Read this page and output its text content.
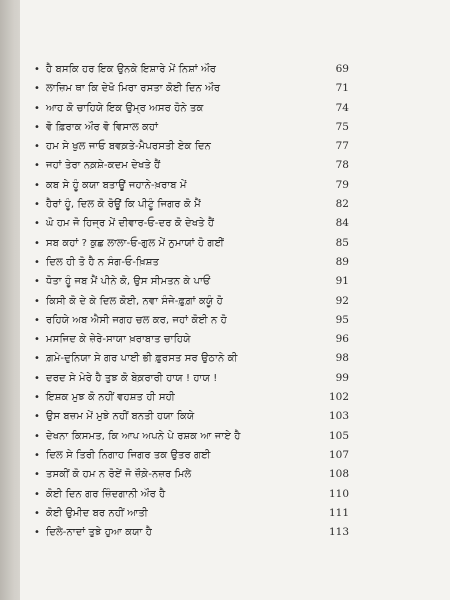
• ਹੈ ਬਸਕਿ ਹਰ ਇਕ ਉਨਕੇ ਇਸ਼ਾਰੇ ਮੇਂ ਨਿਸ਼ਾਂ ਔਰ	69
• ਲਾਜ਼ਿਮ ਥਾ ਕਿ ਦੇਖੋ ਮਿਰਾ ਰਸਤਾ ਕੋਈ ਦਿਨ ਔਰ	71
• ਆਹ ਕੋ ਚਾਹਿਯੇ ਇਕ ਉਮ੍ਰ ਅਸਰ ਹੋਨੇ ਤਕ	74
• ਵੋ ਫ਼ਿਰਾਕ ਔਰ ਵੋ ਵਿਸਾਲ ਕਹਾਂ	75
• ਹਮ ਸੇ ਖੁਲ ਜਾਓ ਬਵਕ਼ਤੇ-ਮੈਪਰਸਤੀ ਏਕ ਦਿਨ	77
• ਜਹਾਂ ਤੇਰਾ ਨਕ਼ਸ਼ੇ-ਕਦਮ ਦੇਖਤੇ ਹੈਂ	78
• ਕਬ ਸੇ ਹੂੰ ਕਯਾ ਬਤਾਊਂ ਜਹਾਨੇ-ਖ਼ਰਾਬ ਮੇਂ	79
• ਹੈਰਾਂ ਹੂੰ, ਦਿਲ ਕੋ ਰੋਊਂ ਕਿ ਪੀਟੂੰ ਜਿਗਰ ਕੋ ਮੈਂ	82
• ਘੋ ਹਮ ਜੋ ਹਿਜ੍ਰ ਮੇਂ ਦੀਵਾਰ-ਓ-ਦਰ ਕੋ ਦੇਖਤੇ ਹੈਂ	84
• ਸਬ ਕਹਾਂ ? ਕੁਛ ਲਾਲਾ-ਓ-ਗੁਲ ਮੇਂ ਨੁਮਾਯਾਂ ਹੋ ਗਈਂ	85
• ਦਿਲ ਹੀ ਤੋ ਹੈ ਨ ਸੰਗ-ਓ-ਖ਼ਿਸ਼ਤ	89
• ਧੋਤਾ ਹੂੰ ਜਬ ਮੈਂ ਪੀਨੇ ਕੋ, ਉਸ ਸੀਮਤਨ ਕੇ ਪਾਓਂ	91
• ਕਿਸੀ ਕੋ ਦੇ ਕੇ ਦਿਲ ਕੋਈ, ਨਵਾ ਸੰਜੇ-ਫ਼ੁਗ਼ਾਂ ਕਯੂੰ ਹੋ	92
• ਰਹਿਯੇ ਅਬ ਐਸੀ ਜਗਹ ਚਲ ਕਰ, ਜਹਾਂ ਕੋਈ ਨ ਹੋ	95
• ਮਸਜਿਦ ਕੇ ਜ਼ੇਰੇ-ਸਾਯਾ ਖ਼ਰਾਬਾਤ ਚਾਹਿਯੇ	96
• ਗ਼ਮੇ-ਦੁਨਿਯਾ ਸੇ ਗਰ ਪਾਈ ਭੀ ਫ਼ੁਰਸਤ ਸਰ ਉਠਾਨੇ ਕੀ	98
• ਦਰਦ ਸੇ ਮੇਰੇ ਹੈ ਤੁਝ ਕੋ ਬੇਕ਼ਰਾਰੀ ਹਾਯ ! ਹਾਯ !	99
• ਇਸ਼ਕ ਮੁਝ ਕੋ ਨਹੀਂ ਵਹਸ਼ਤ ਹੀ ਸਹੀ	102
• ਉਸ ਬਜ਼ਮ ਮੇਂ ਮੁਝੇ ਨਹੀਂ ਬਨਤੀ ਹਯਾ ਕਿਯੇ	103
• ਦੇਖਨਾ ਕਿਸਮਤ, ਕਿ ਆਪ ਅਪਨੇ ਪੇ ਰਸ਼ਕ ਆ ਜਾਏ ਹੈ	105
• ਦਿਲ ਸੇ ਤਿਰੀ ਨਿਗਾਹ ਜਿਗਰ ਤਕ ਉਤਰ ਗਈ	107
• ਤਸਕੀਂ ਕੋ ਹਮ ਨ ਰੋਏਂ ਜੋ ਜ਼ੌਕ਼ੇ-ਨਜ਼ਰ ਮਿਲੇ	108
• ਕੋਈ ਦਿਨ ਗਰ ਜ਼ਿੰਦਗਾਨੀ ਔਰ ਹੈ	110
• ਕੋਈ ਉਮੀਦ ਬਰ ਨਹੀਂ ਆਤੀ	111
• ਦਿਲੇ-ਨਾਦਾਂ ਤੁਝੇ ਹੁਆ ਕਯਾ ਹੈ	113
